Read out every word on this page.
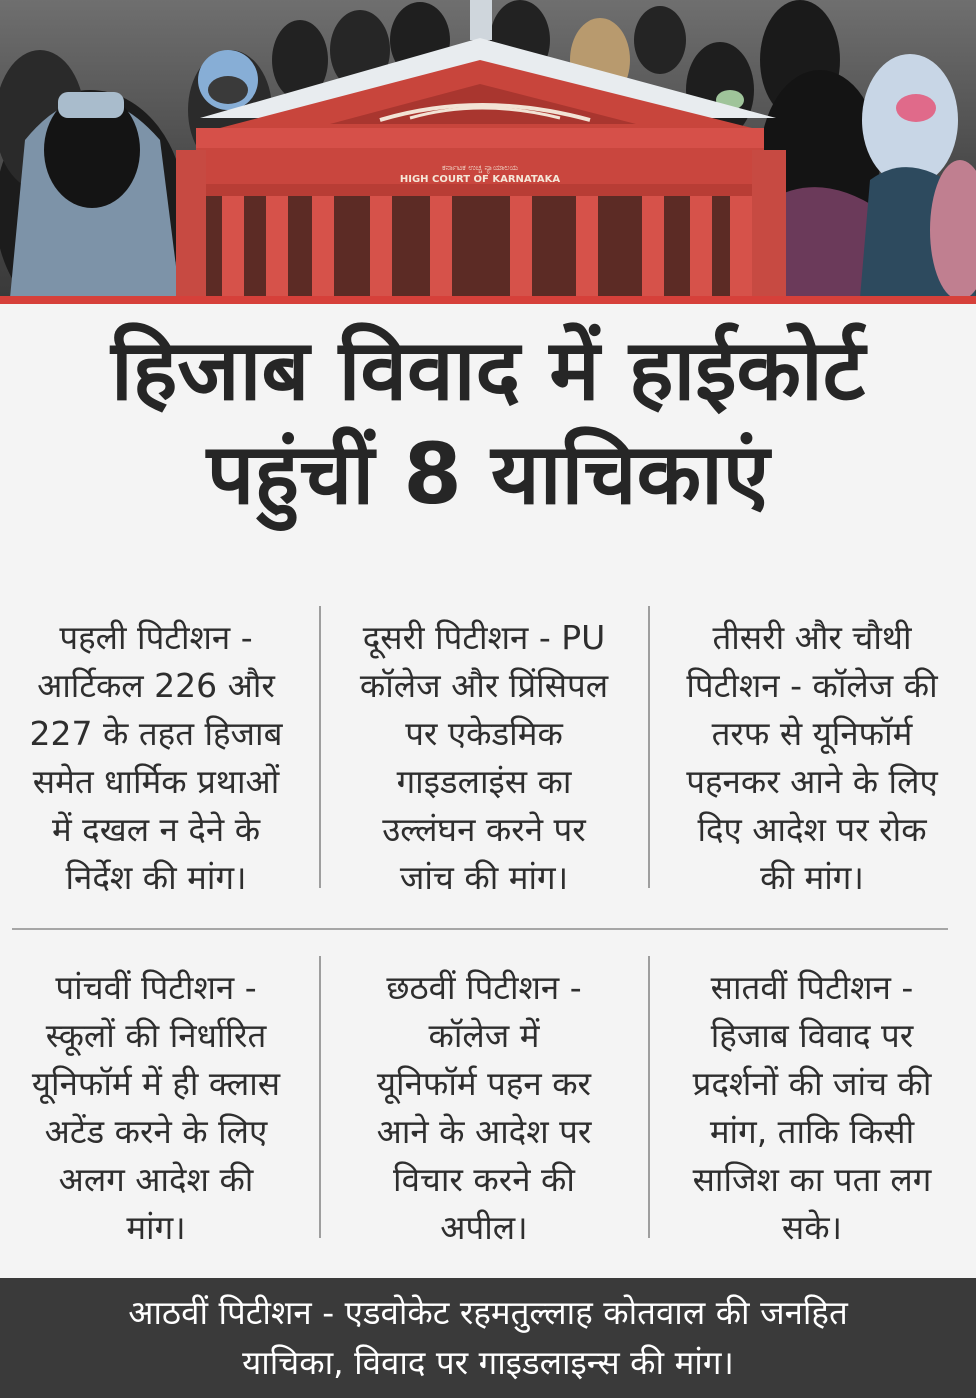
ಕರ್ನಾಟಕ ಉಚ್ಚ ನ್ಯಾಯಾಲಯ
HIGH COURT OF KARNATAKA
हिजाब विवाद में हाईकोर्ट
पहुंचीं 8 याचिकाएं
पहली पिटीशन -
आर्टिकल 226 और
227 के तहत हिजाब
समेत धार्मिक प्रथाओं
में दखल न देने के
निर्देश की मांग।
दूसरी पिटीशन - PU
कॉलेज और प्रिंसिपल
पर एकेडमिक
गाइडलाइंस का
उल्लंघन करने पर
जांच की मांग।
तीसरी और चौथी
पिटीशन - कॉलेज की
तरफ से यूनिफॉर्म
पहनकर आने के लिए
दिए आदेश पर रोक
की मांग।
पांचवीं पिटीशन -
स्कूलों की निर्धारित
यूनिफॉर्म में ही क्लास
अटेंड करने के लिए
अलग आदेश की
मांग।
छठवीं पिटीशन -
कॉलेज में
यूनिफॉर्म पहन कर
आने के आदेश पर
विचार करने की
अपील।
सातवीं पिटीशन -
हिजाब विवाद पर
प्रदर्शनों की जांच की
मांग, ताकि किसी
साजिश का पता लग
सके।
आठवीं पिटीशन - एडवोकेट रहमतुल्लाह कोतवाल की जनहित
याचिका, विवाद पर गाइडलाइन्स की मांग।
